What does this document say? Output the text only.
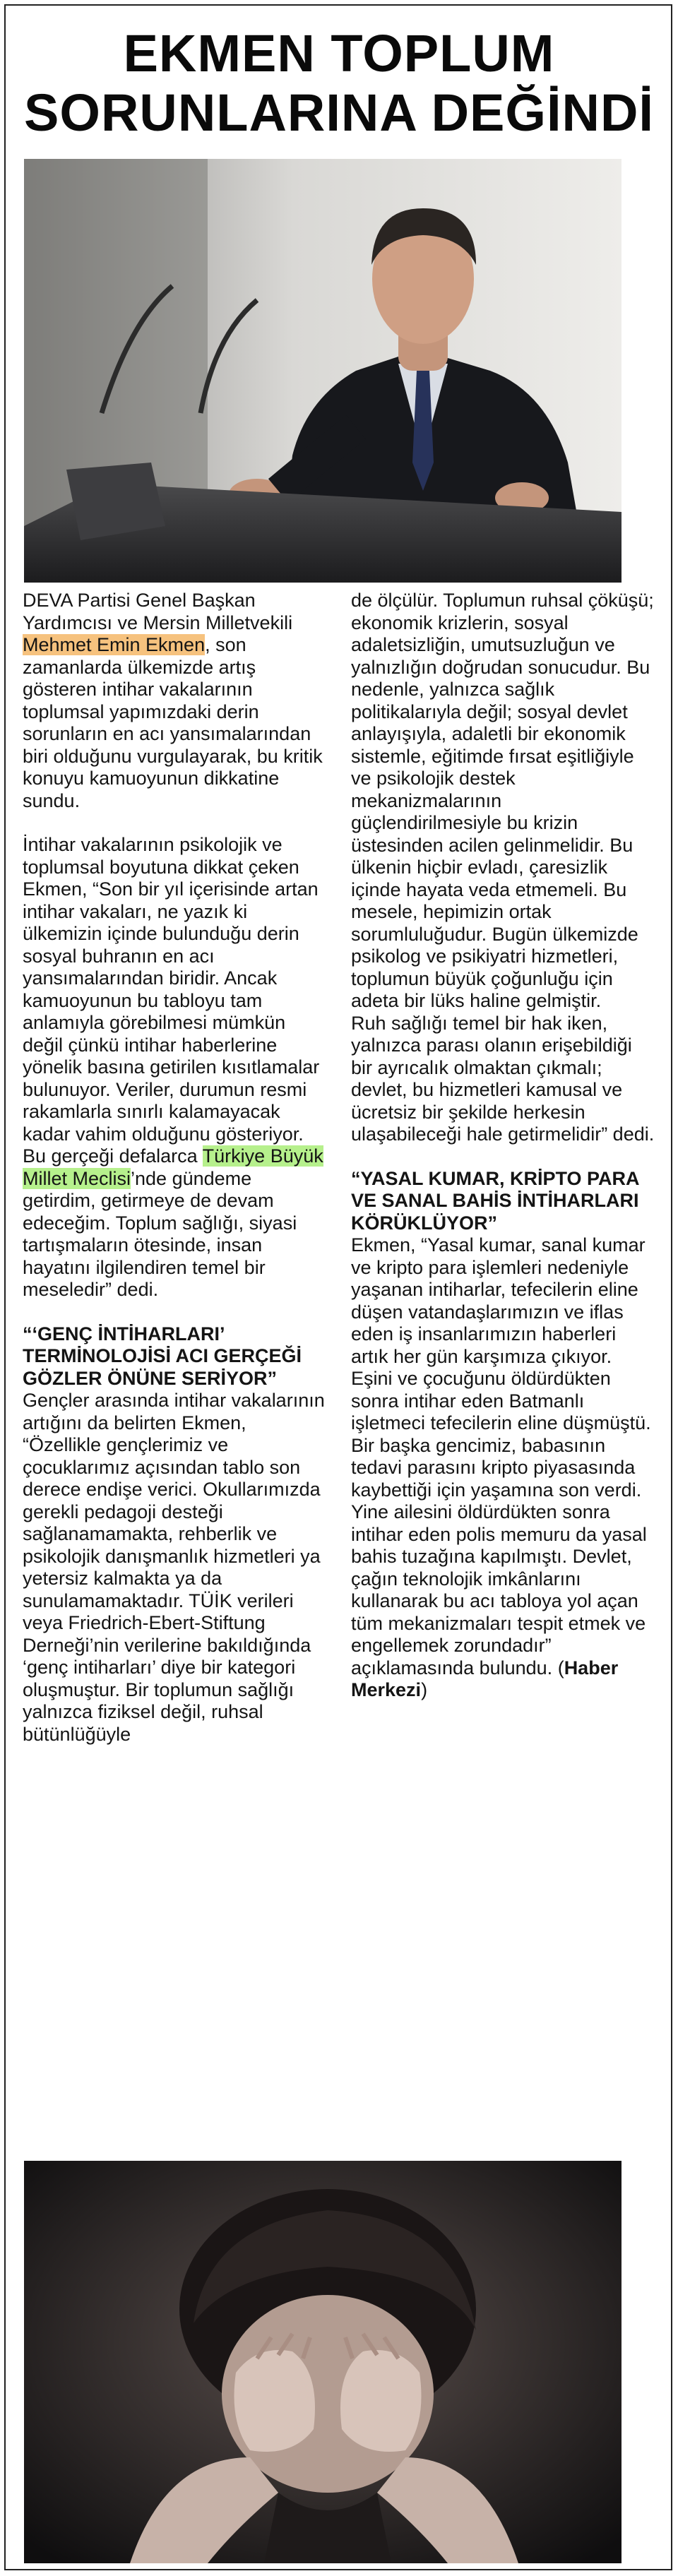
EKMEN TOPLUM
SORUNLARINA DEĞİNDİ

DEVA Partisi Genel Başkan Yardımcısı ve Mersin Milletvekili Mehmet Emin Ekmen, son zamanlarda ülkemizde artış gösteren intihar vakalarının toplumsal yapımızdaki derin sorunların en acı yansımalarından biri olduğunu vurgulayarak, bu kritik konuyu kamuoyunun dikkatine sundu.

İntihar vakalarının psikolojik ve toplumsal boyutuna dikkat çeken Ekmen, “Son bir yıl içerisinde artan intihar vakaları, ne yazık ki ülkemizin içinde bulunduğu derin sosyal buhranın en acı yansımalarından biridir. Ancak kamuoyunun bu tabloyu tam anlamıyla görebilmesi mümkün değil çünkü intihar haberlerine yönelik basına getirilen kısıtlamalar bulunuyor. Veriler, durumun resmi rakamlarla sınırlı kalamayacak kadar vahim olduğunu gösteriyor.

Bu gerçeği defalarca Türkiye Büyük Millet Meclisi’nde gündeme getirdim, getirmeye de devam edeceğim. Toplum sağlığı, siyasi tartışmaların ötesinde, insan hayatını ilgilendiren temel bir meseledir” dedi.

“‘GENÇ İNTİHARLARI’ TERMİNOLOJİSİ ACI GERÇEĞİ GÖZLER ÖNÜNE SERİYOR”

Gençler arasında intihar vakalarının artığını da belirten Ekmen, “Özellikle gençlerimiz ve çocuklarımız açısından tablo son derece endişe verici. Okullarımızda gerekli pedagoji desteği sağlanamamakta, rehberlik ve psikolojik danışmanlık hizmetleri ya yetersiz kalmakta ya da sunulamamaktadır. TÜİK verileri veya Friedrich-Ebert-Stiftung Derneği’nin verilerine bakıldığında ‘genç intiharları’ diye bir kategori oluşmuştur. Bir toplumun sağlığı yalnızca fiziksel değil, ruhsal bütünlüğüyle

de ölçülür. Toplumun ruhsal çöküşü; ekonomik krizlerin, sosyal adaletsizliğin, umutsuzluğun ve yalnızlığın doğrudan sonucudur. Bu nedenle, yalnızca sağlık politikalarıyla değil; sosyal devlet anlayışıyla, adaletli bir ekonomik sistemle, eğitimde fırsat eşitliğiyle ve psikolojik destek mekanizmalarının güçlendirilmesiyle bu krizin üstesinden acilen gelinmelidir. Bu ülkenin hiçbir evladı, çaresizlik içinde hayata veda etmemeli. Bu mesele, hepimizin ortak sorumluluğudur. Bugün ülkemizde psikolog ve psikiyatri hizmetleri, toplumun büyük çoğunluğu için adeta bir lüks haline gelmiştir.

Ruh sağlığı temel bir hak iken, yalnızca parası olanın erişebildiği bir ayrıcalık olmaktan çıkmalı; devlet, bu hizmetleri kamusal ve ücretsiz bir şekilde herkesin ulaşabileceği hale getirmelidir” dedi.

“YASAL KUMAR, KRİPTO PARA VE SANAL BAHİS İNTİHARLARI KÖRÜKLÜYOR”

Ekmen, “Yasal kumar, sanal kumar ve kripto para işlemleri nedeniyle yaşanan intiharlar, tefecilerin eline düşen vatandaşlarımızın ve iflas eden iş insanlarımızın haberleri artık her gün karşımıza çıkıyor. Eşini ve çocuğunu öldürdükten sonra intihar eden Batmanlı işletmeci tefecilerin eline düşmüştü. Bir başka gencimiz, babasının tedavi parasını kripto piyasasında kaybettiği için yaşamına son verdi. Yine ailesini öldürdükten sonra intihar eden polis memuru da yasal bahis tuzağına kapılmıştı. Devlet, çağın teknolojik imkânlarını kullanarak bu acı tabloya yol açan tüm mekanizmaları tespit etmek ve engellemek zorundadır” açıklamasında bulundu. (Haber Merkezi)
